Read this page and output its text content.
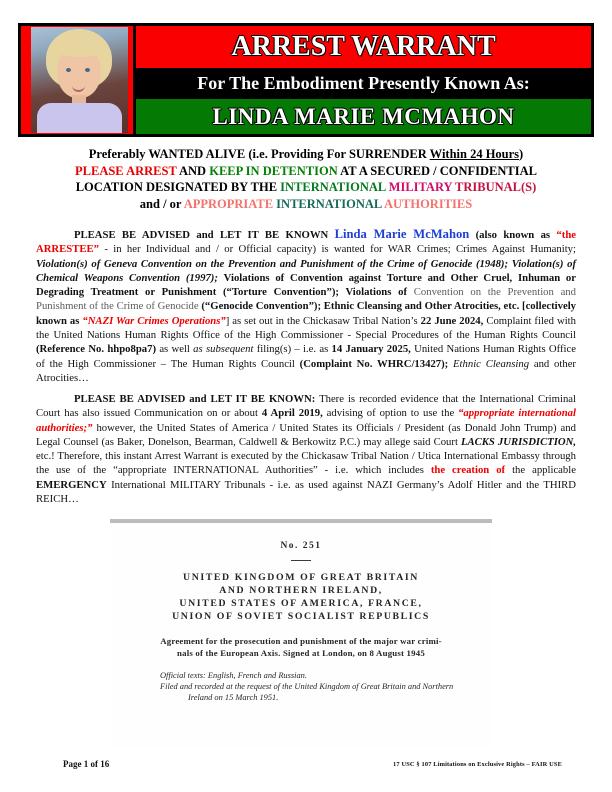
ARREST WARRANT
For The Embodiment Presently Known As:
LINDA MARIE MCMAHON
Preferably WANTED ALIVE (i.e. Providing For SURRENDER Within 24 Hours)
PLEASE ARREST AND KEEP IN DETENTION AT A SECURED / CONFIDENTIAL
LOCATION DESIGNATED BY THE INTERNATIONAL MILITARY TRIBUNAL(S)
and / or APPROPRIATE INTERNATIONAL AUTHORITIES
PLEASE BE ADVISED and LET IT BE KNOWN Linda Marie McMahon (also known as “the ARRESTEE” - in her Individual and / or Official capacity) is wanted for WAR Crimes; Crimes Against Humanity; Violation(s) of Geneva Convention on the Prevention and Punishment of the Crime of Genocide (1948); Violation(s) of Chemical Weapons Convention (1997); Violations of Convention against Torture and Other Cruel, Inhuman or Degrading Treatment or Punishment (“Torture Convention”); Violations of Convention on the Prevention and Punishment of the Crime of Genocide (“Genocide Convention”); Ethnic Cleansing and Other Atrocities, etc. [collectively known as “NAZI War Crimes Operations”] as set out in the Chickasaw Tribal Nation’s 22 June 2024, Complaint filed with the United Nations Human Rights Office of the High Commissioner - Special Procedures of the Human Rights Council (Reference No. hhpo8pa7) as well as subsequent filing(s) – i.e. as 14 January 2025, United Nations Human Rights Office of the High Commissioner – The Human Rights Council (Complaint No. WHRC/13427); Ethnic Cleansing and other Atrocities…
PLEASE BE ADVISED and LET IT BE KNOWN: There is recorded evidence that the International Criminal Court has also issued Communication on or about 4 April 2019, advising of option to use the “appropriate international authorities;” however, the United States of America / United States its Officials / President (as Donald John Trump) and Legal Counsel (as Baker, Donelson, Bearman, Caldwell & Berkowitz P.C.) may allege said Court LACKS JURISDICTION, etc.! Therefore, this instant Arrest Warrant is executed by the Chickasaw Tribal Nation / Utica International Embassy through the use of the “appropriate INTERNATIONAL Authorities” - i.e. which includes the creation of the applicable EMERGENCY International MILITARY Tribunals - i.e. as used against NAZI Germany’s Adolf Hitler and the THIRD REICH…
No. 251
UNITED KINGDOM OF GREAT BRITAIN
AND NORTHERN IRELAND,
UNITED STATES OF AMERICA, FRANCE,
UNION OF SOVIET SOCIALIST REPUBLICS
Agreement for the prosecution and punishment of the major war crimi-
nals of the European Axis. Signed at London, on 8 August 1945
Official texts: English, French and Russian.
Filed and recorded at the request of the United Kingdom of Great Britain and Northern
Ireland on 15 March 1951.
Page 1 of 16	17 USC § 107 Limitations on Exclusive Rights – FAIR USE
